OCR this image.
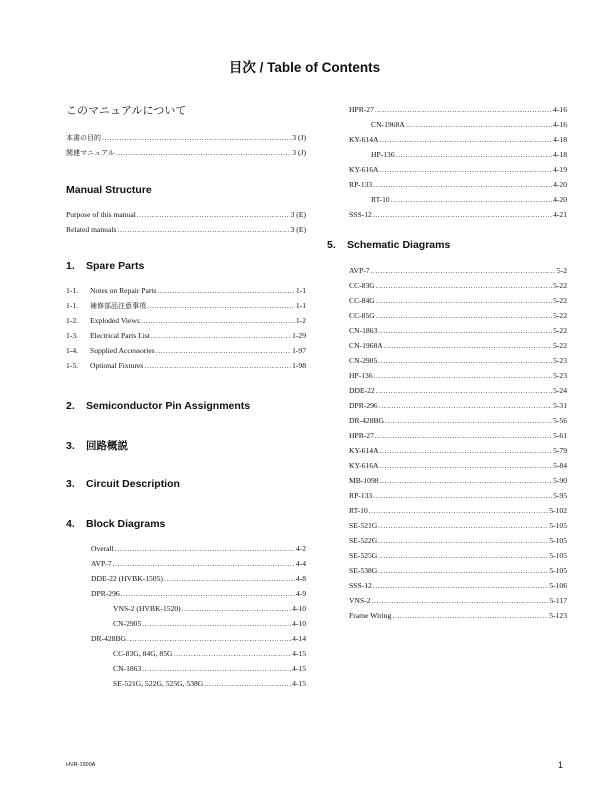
目次 / Table of Contents
このマニュアルについて
本書の目的 .....	3 (J)
関連マニュアル .....	3 (J)
Manual Structure
Purpose of this manual .....	3 (E)
Related manuals .....	3 (E)
1. Spare Parts
1-1. Notes on Repair Parts .....	1-1
1-1. 補修部品注意事項 .....	1-1
1-2. Exploded Views .....	1-2
1-3. Electrical Parts List .....	1-29
1-4. Supplied Accessories .....	1-97
1-5. Optional Fixtures .....	1-98
2. Semiconductor Pin Assignments
3. 回路概説
3. Circuit Description
4. Block Diagrams
Overall .....	4-2
AVP-7 .....	4-4
DDE-22 (HVBK-1505) .....	4-8
DPR-296 .....	4-9
VNS-2 (HVBK-1520) .....	4-10
CN-2905 .....	4-10
DR-428BG .....	4-14
CC-83G, 84G, 85G .....	4-15
CN-1863 .....	4-15
SE-521G, 522G, 525G, 538G .....	4-15
HPR-27 .....	4-16
CN-1968A .....	4-16
KY-614A .....	4-18
HP-136 .....	4-18
KY-616A .....	4-19
RP-133 .....	4-20
RT-10 .....	4-20
SSS-12 .....	4-21
5. Schematic Diagrams
AVP-7 .....	5-2
CC-83G .....	5-22
CC-84G .....	5-22
CC-85G .....	5-22
CN-1863 .....	5-22
CN-1968A .....	5-22
CN-2905 .....	5-23
HP-136 .....	5-23
DDE-22 .....	5-24
DPR-296 .....	5-31
DR-428BG .....	5-56
HPR-27 .....	5-61
KY-614A .....	5-79
KY-616A .....	5-84
MB-1098 .....	5-90
RP-133 .....	5-95
RT-10 .....	5-102
SE-521G .....	5-105
SE-522G .....	5-105
SE-525G .....	5-105
SE-538G .....	5-105
SSS-12 .....	5-106
VNS-2 .....	5-117
Frame Wiring .....	5-123
HVR-1500A	1
